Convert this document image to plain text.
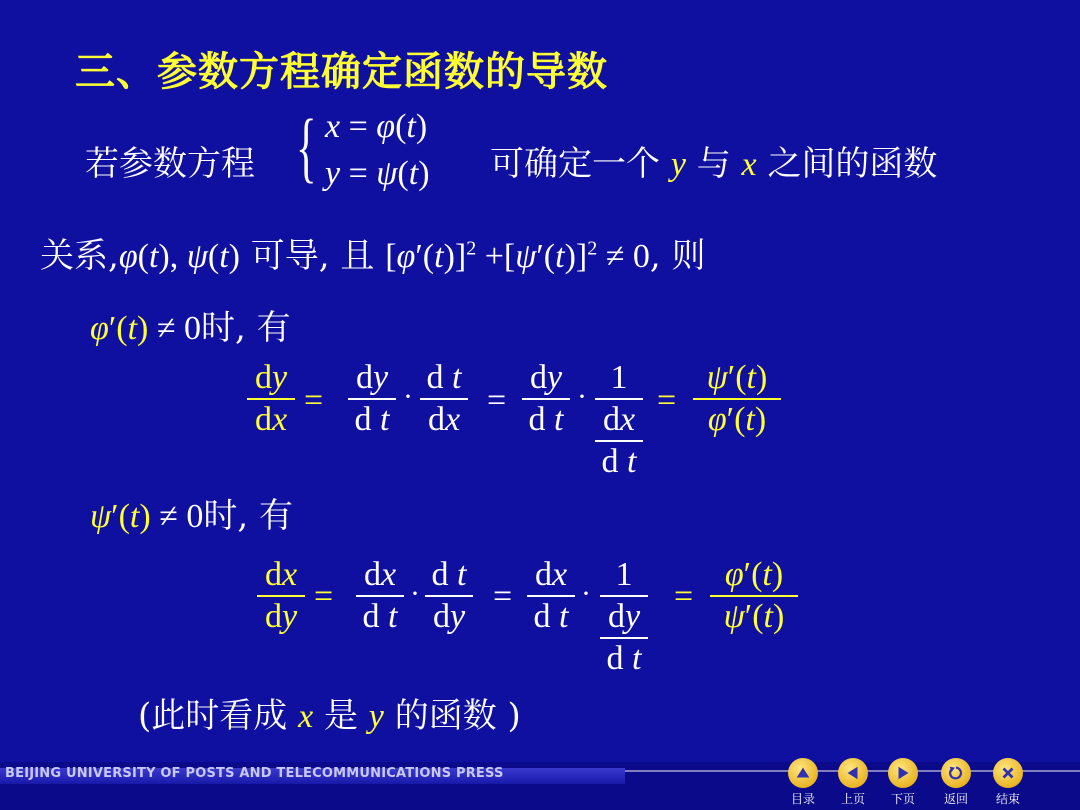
三、参数方程确定函数的导数
若参数方程 { x = φ(t)
y = ψ(t) 可确定一个 y 与 x 之间的函数
关系,φ(t), ψ(t) 可导, 且 $[\varphi'(t)]^2 +[\psi'(t)]^2 \ne 0$, 则
φ′(t) ≠ 0时, 有
$\frac{dy}{dx} = \frac{dy}{\text{d t}} \cdot \frac{\text{d t}}{dx} = \frac{dy}{\text{d t}}$ ·
1
dx
d t
= $\frac{\psi'(t)}{\varphi'(t)}$
ψ′(t) ≠ 0时, 有
$\frac{dx}{dy} = \frac{dx}{\text{d t}} \cdot \frac{\text{d t}}{dy} = \frac{dx}{\text{d t}}$ ·
1
dy
d t
= $\frac{\varphi'(t)}{\psi'(t)}$
(此时看成 x 是 y 的函数 )
BEIJING UNIVERSITY OF POSTS AND TELECOMMUNICATIONS PRESS
目录	上页	下页	返回	结束
